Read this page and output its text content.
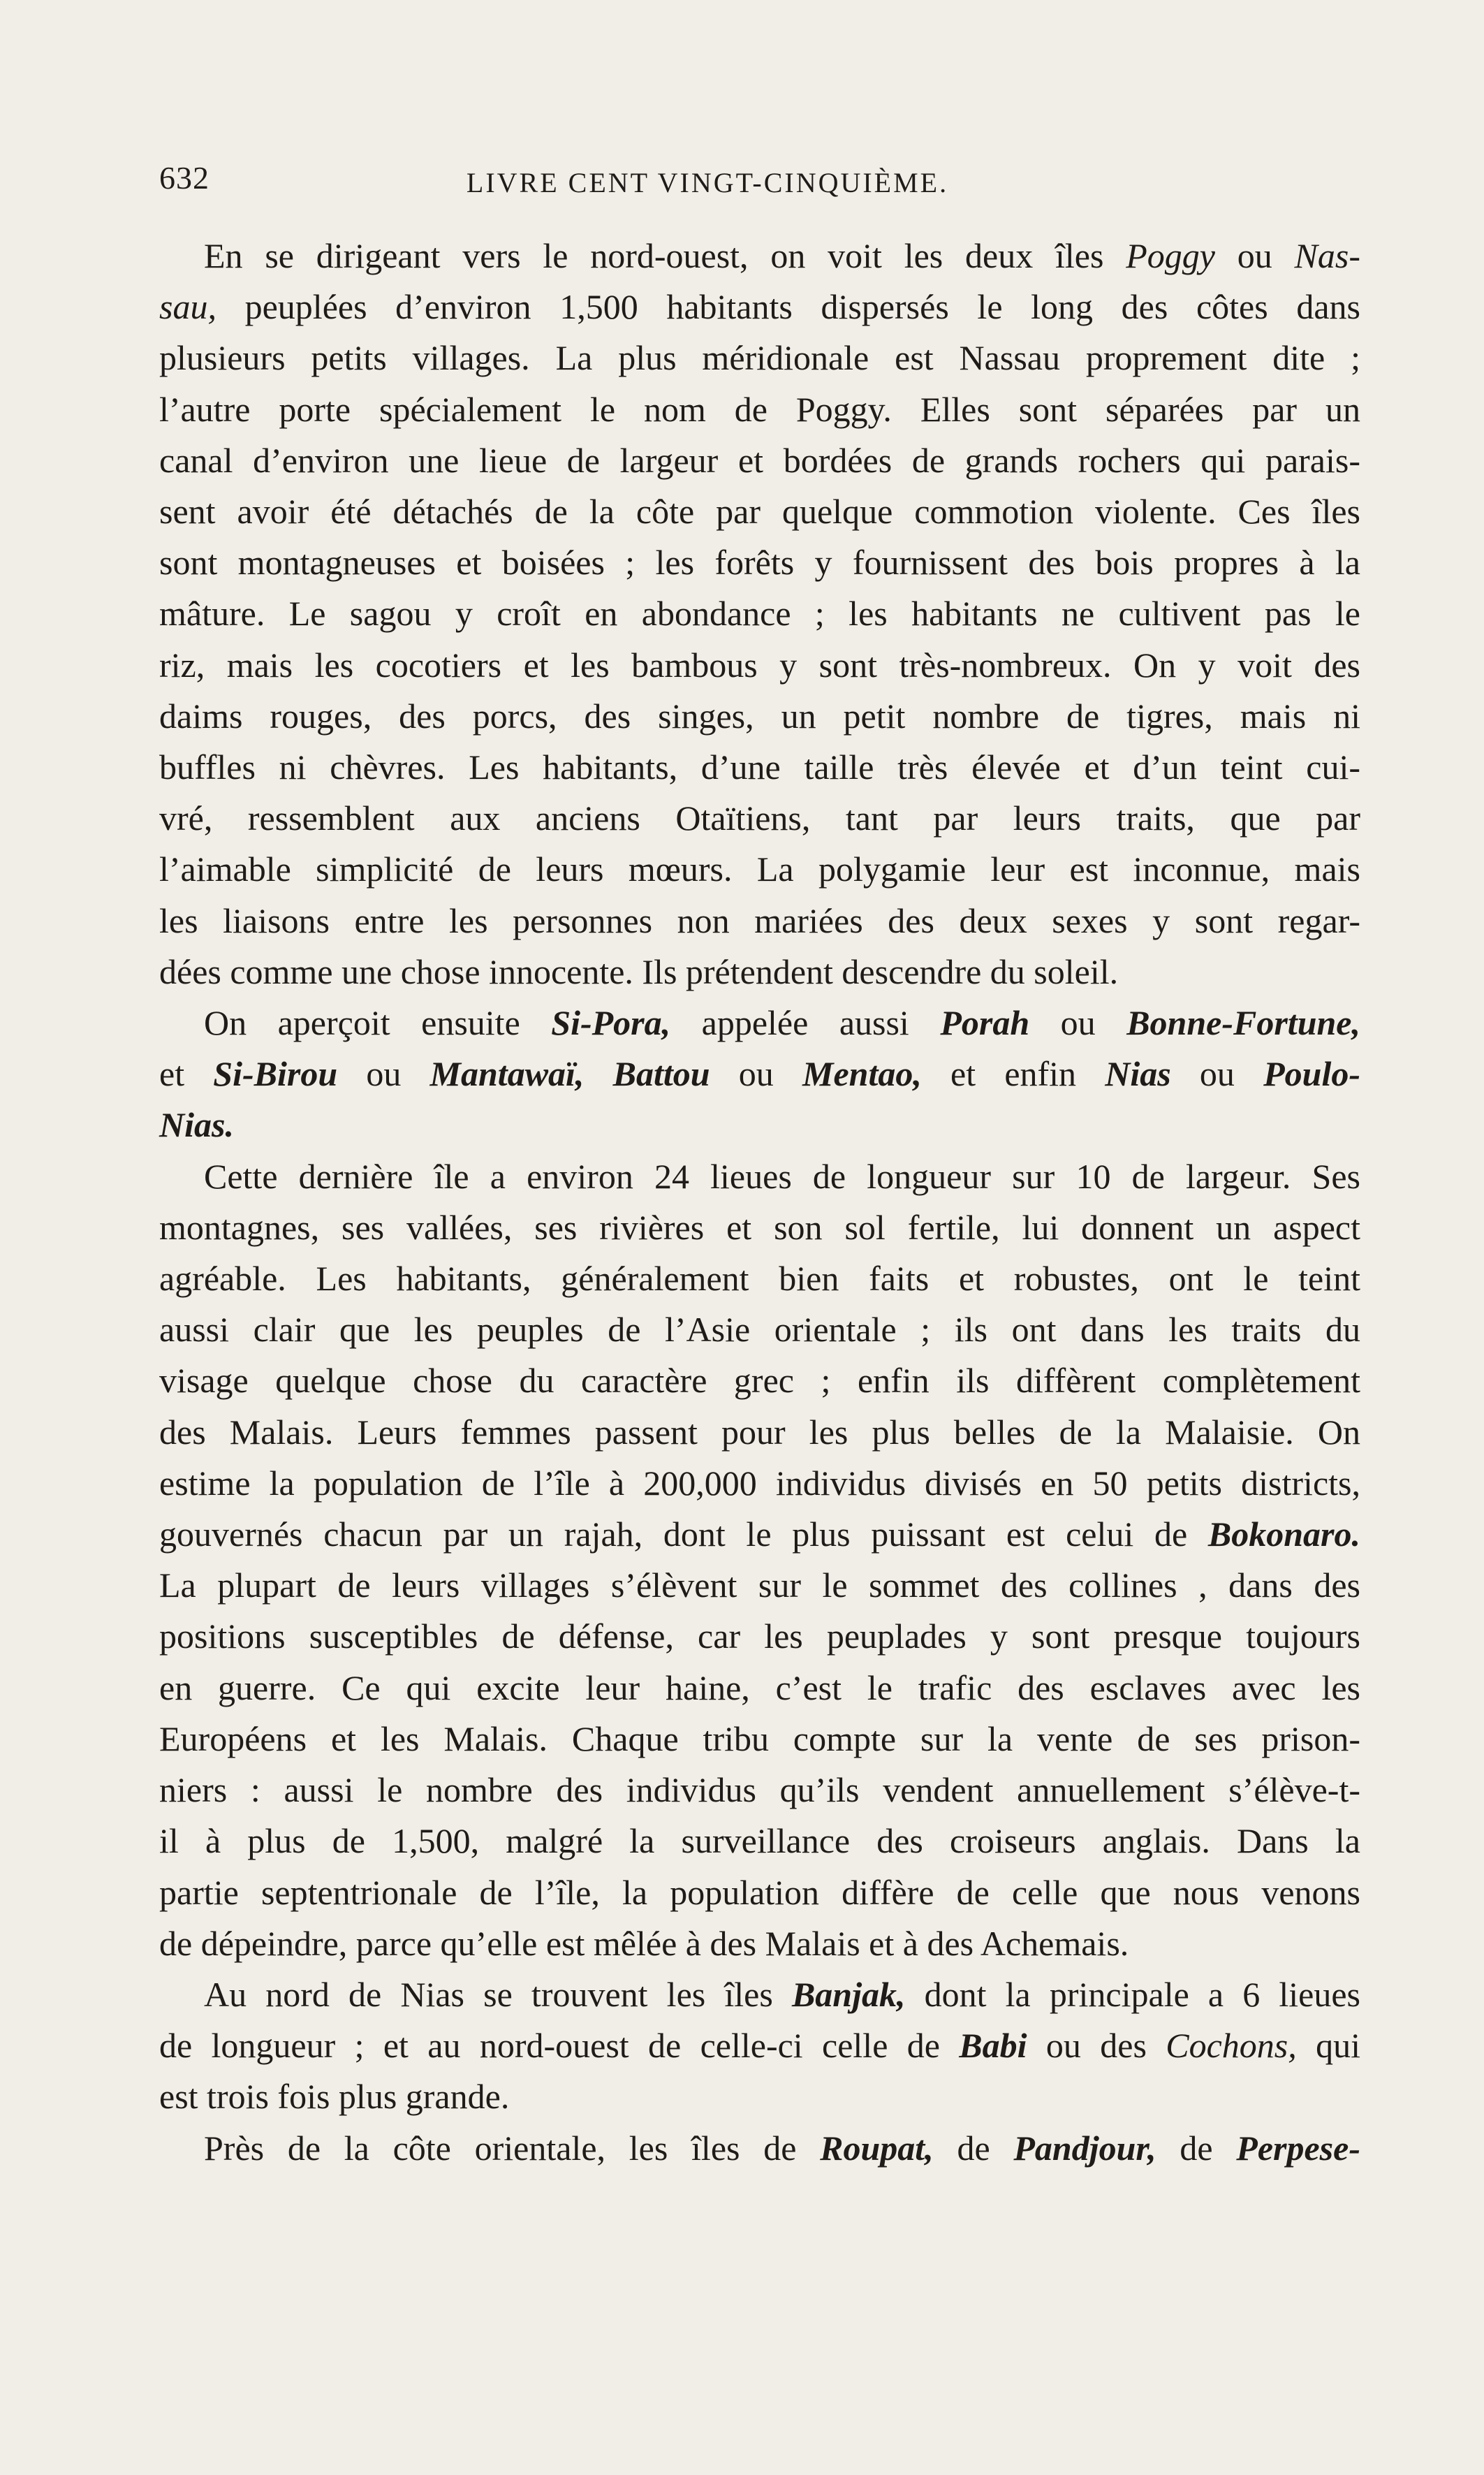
632	LIVRE CENT VINGT-CINQUIÈME.
En se dirigeant vers le nord-ouest, on voit les deux îles Poggy ou Nas-
sau, peuplées d’environ 1,500 habitants dispersés le long des côtes dans
plusieurs petits villages. La plus méridionale est Nassau proprement dite ;
l’autre porte spécialement le nom de Poggy. Elles sont séparées par un
canal d’environ une lieue de largeur et bordées de grands rochers qui parais-
sent avoir été détachés de la côte par quelque commotion violente. Ces îles
sont montagneuses et boisées ; les forêts y fournissent des bois propres à la
mâture. Le sagou y croît en abondance ; les habitants ne cultivent pas le
riz, mais les cocotiers et les bambous y sont très-nombreux. On y voit des
daims rouges, des porcs, des singes, un petit nombre de tigres, mais ni
buffles ni chèvres. Les habitants, d’une taille très élevée et d’un teint cui-
vré, ressemblent aux anciens Otaïtiens, tant par leurs traits, que par
l’aimable simplicité de leurs mœurs. La polygamie leur est inconnue, mais
les liaisons entre les personnes non mariées des deux sexes y sont regar-
dées comme une chose innocente. Ils prétendent descendre du soleil.
On aperçoit ensuite Si-Pora, appelée aussi Porah ou Bonne-Fortune,
et Si-Birou ou Mantawaï, Battou ou Mentao, et enfin Nias ou Poulo-
Nias.
Cette dernière île a environ 24 lieues de longueur sur 10 de largeur. Ses
montagnes, ses vallées, ses rivières et son sol fertile, lui donnent un aspect
agréable. Les habitants, généralement bien faits et robustes, ont le teint
aussi clair que les peuples de l’Asie orientale ; ils ont dans les traits du
visage quelque chose du caractère grec ; enfin ils diffèrent complètement
des Malais. Leurs femmes passent pour les plus belles de la Malaisie. On
estime la population de l’île à 200,000 individus divisés en 50 petits districts,
gouvernés chacun par un rajah, dont le plus puissant est celui de Bokonaro.
La plupart de leurs villages s’élèvent sur le sommet des collines , dans des
positions susceptibles de défense, car les peuplades y sont presque toujours
en guerre. Ce qui excite leur haine, c’est le trafic des esclaves avec les
Européens et les Malais. Chaque tribu compte sur la vente de ses prison-
niers : aussi le nombre des individus qu’ils vendent annuellement s’élève-t-
il à plus de 1,500, malgré la surveillance des croiseurs anglais. Dans la
partie septentrionale de l’île, la population diffère de celle que nous venons
de dépeindre, parce qu’elle est mêlée à des Malais et à des Achemais.
Au nord de Nias se trouvent les îles Banjak, dont la principale a 6 lieues
de longueur ; et au nord-ouest de celle-ci celle de Babi ou des Cochons, qui
est trois fois plus grande.
Près de la côte orientale, les îles de Roupat, de Pandjour, de Perpese-
